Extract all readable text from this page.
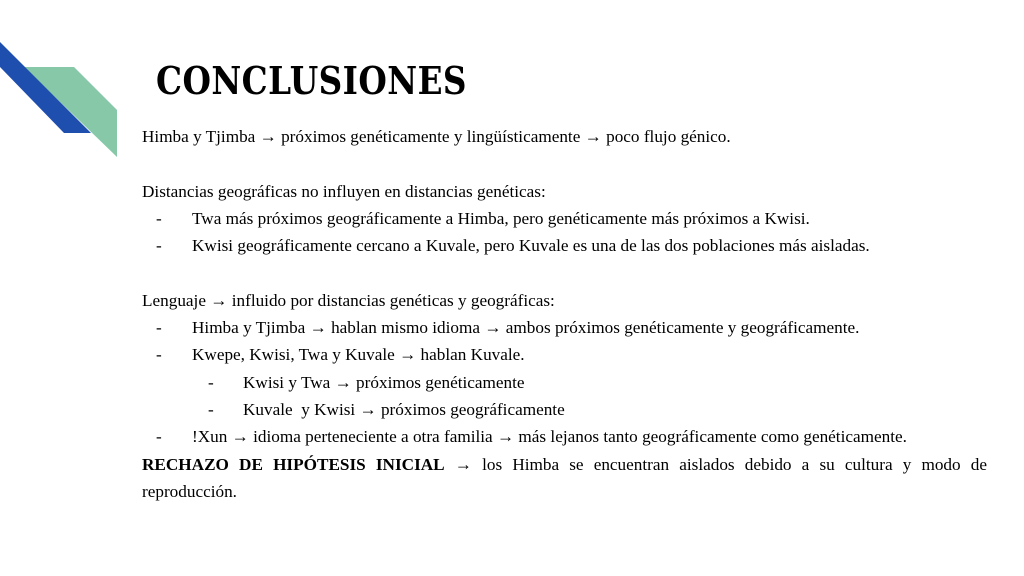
CONCLUSIONES

Himba y Tjimba → próximos genéticamente y lingüísticamente → poco flujo génico.

Distancias geográficas no influyen en distancias genéticas:

- Twa más próximos geográficamente a Himba, pero genéticamente más próximos a Kwisi.
- Kwisi geográficamente cercano a Kuvale, pero Kuvale es una de las dos poblaciones más aisladas.

Lenguaje → influido por distancias genéticas y geográficas:

- Himba y Tjimba → hablan mismo idioma → ambos próximos genéticamente y geográficamente.
- Kwepe, Kwisi, Twa y Kuvale → hablan Kuvale.
- Kwisi y Twa → próximos genéticamente
- Kuvale  y Kwisi → próximos geográficamente
- !Xun → idioma perteneciente a otra familia → más lejanos tanto geográficamente como genéticamente.

RECHAZO DE HIPÓTESIS INICIAL → los Himba se encuentran aislados debido a su cultura y modo de reproducción.
